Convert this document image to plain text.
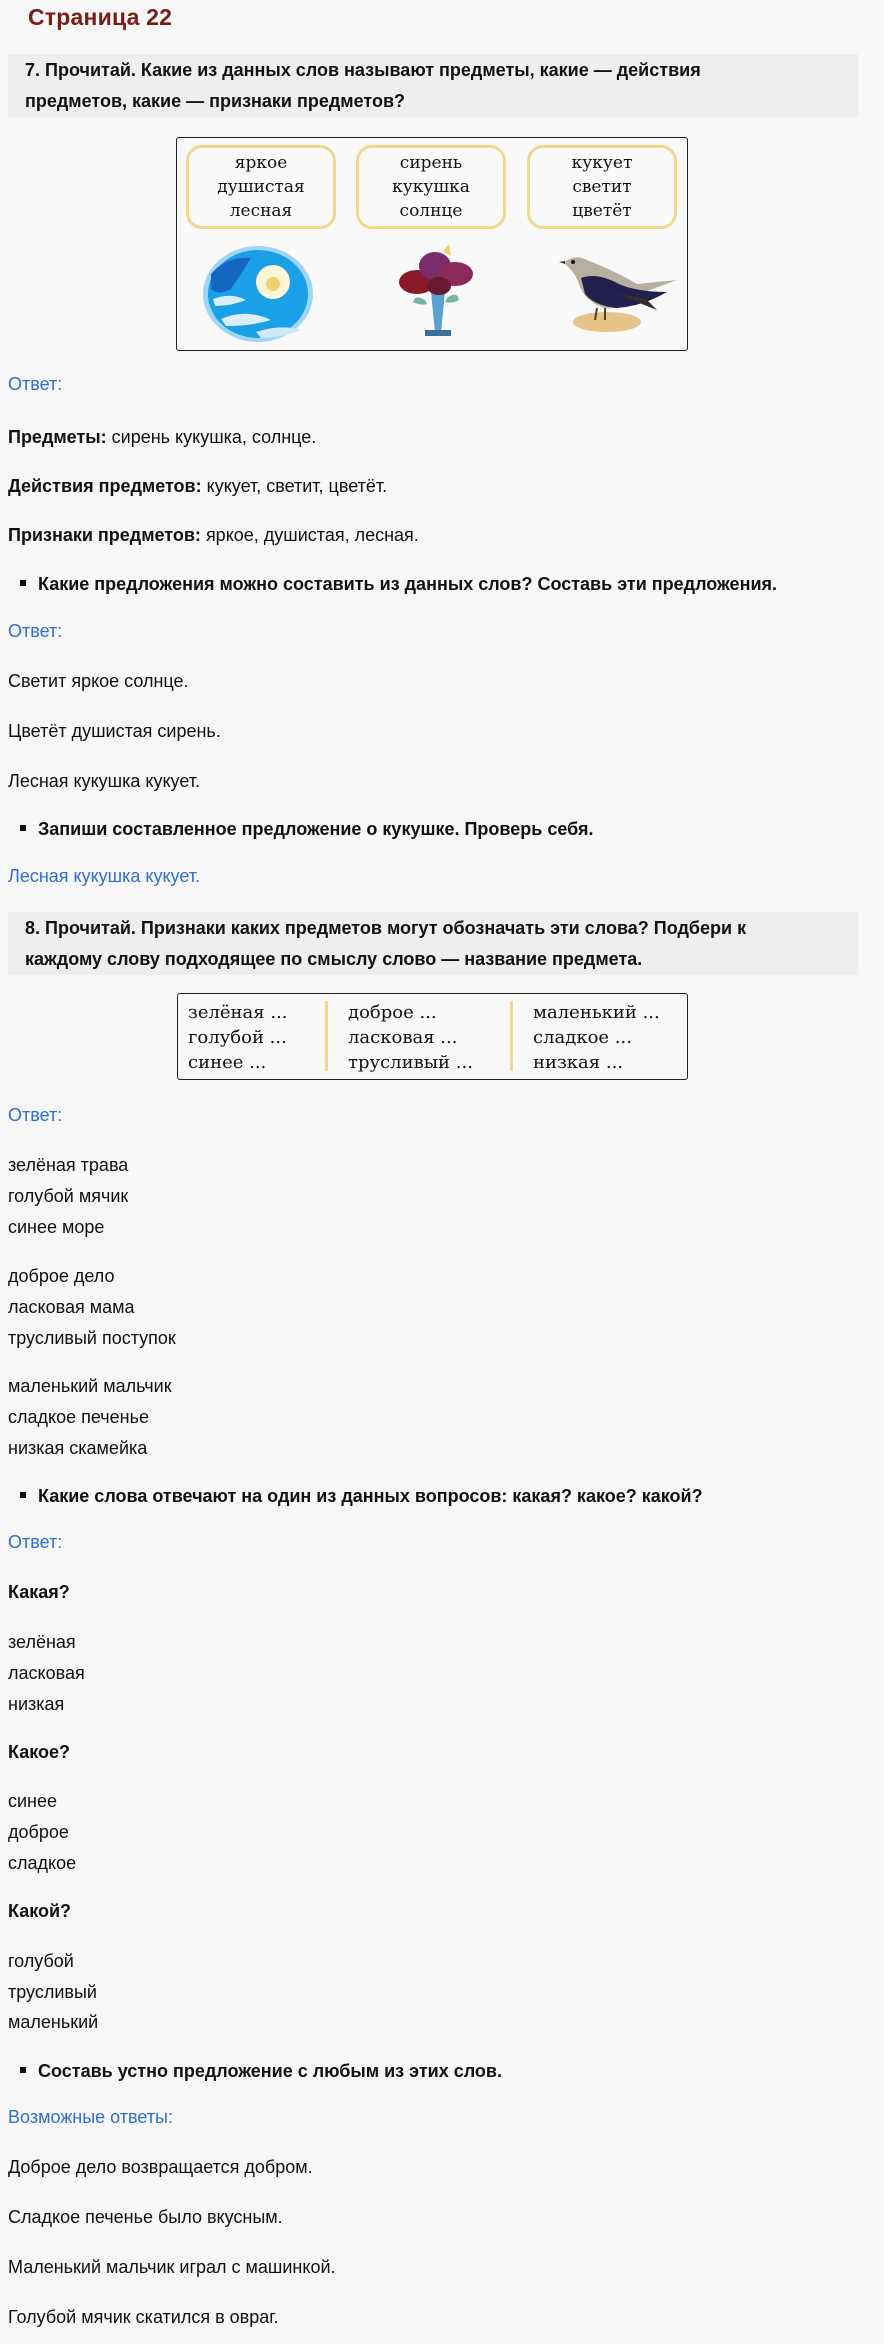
Страница 22
7. Прочитай. Какие из данных слов называют предметы, какие — действия
предметов, какие — признаки предметов?
яркое
душистая
лесная
сирень
кукушка
солнце
кукует
светит
цветёт
Ответ:
Предметы: сирень кукушка, солнце.
Действия предметов: кукует, светит, цветёт.
Признаки предметов: яркое, душистая, лесная.
Какие предложения можно составить из данных слов? Составь эти предложения.
Ответ:
Светит яркое солнце.
Цветёт душистая сирень.
Лесная кукушка кукует.
Запиши составленное предложение о кукушке. Проверь себя.
Лесная кукушка кукует.
8. Прочитай. Признаки каких предметов могут обозначать эти слова? Подбери к
каждому слову подходящее по смыслу слово — название предмета.
зелёная ...
голубой ...
синее ...
доброе ...
ласковая ...
трусливый ...
маленький ...
сладкое ...
низкая ...
Ответ:
зелёная трава
голубой мячик
синее море
доброе дело
ласковая мама
трусливый поступок
маленький мальчик
сладкое печенье
низкая скамейка
Какие слова отвечают на один из данных вопросов: какая? какое? какой?
Ответ:
Какая?
зелёная
ласковая
низкая
Какое?
синее
доброе
сладкое
Какой?
голубой
трусливый
маленький
Составь устно предложение с любым из этих слов.
Возможные ответы:
Доброе дело возвращается добром.
Сладкое печенье было вкусным.
Маленький мальчик играл с машинкой.
Голубой мячик скатился в овраг.
